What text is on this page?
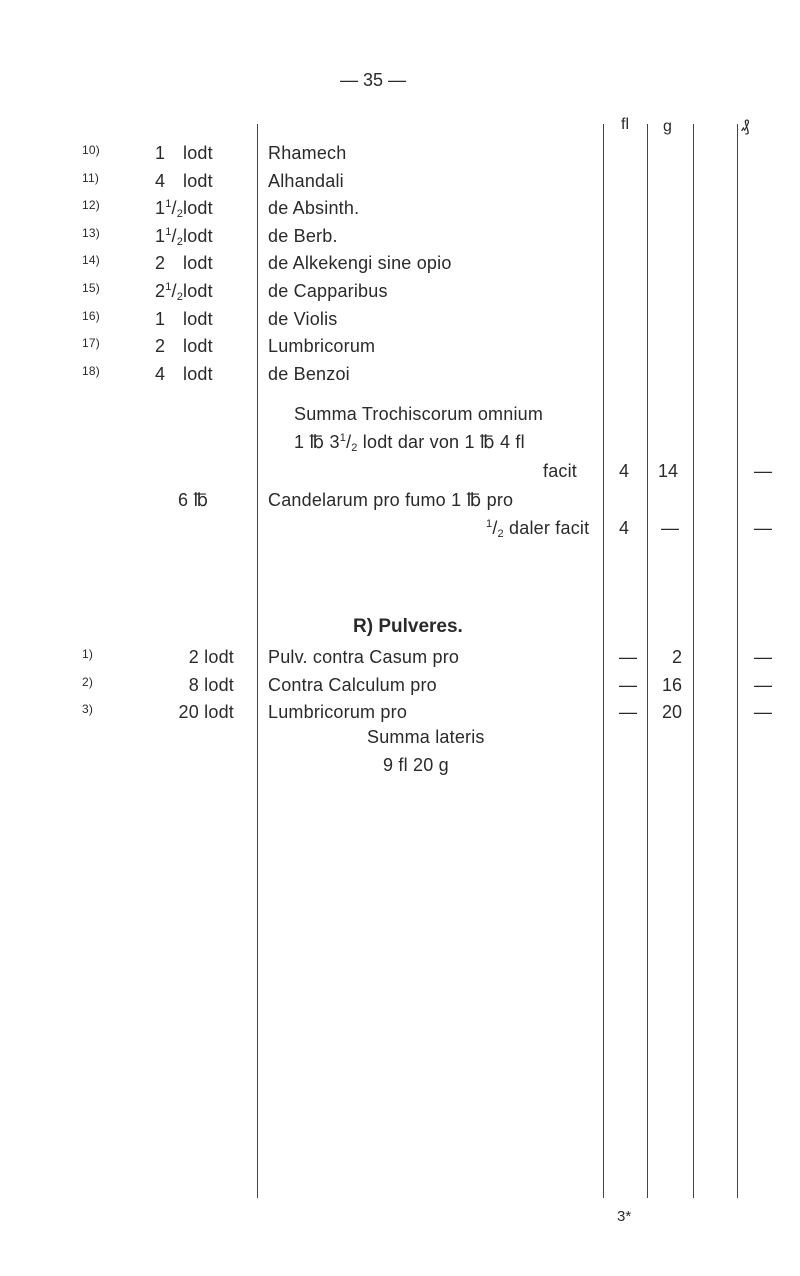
— 35 —
fl g	₰
$^{10)}$	1 lodt	Rhamech
$^{11)}$	4 lodt	Alhandali
$^{12)}$	$1^1/_2$ lodt	de Absinth.
$^{13)}$	$1^1/_2$ lodt	de Berb.
$^{14)}$	2 lodt	de Alkekengi sine opio
$^{15)}$	$2^1/_2$ lodt	de Capparibus
$^{16)}$	1 lodt	de Violis
$^{17)}$	2 lodt	Lumbricorum
$^{18)}$	4 lodt	de Benzoi
Summa Trochiscorum omnium
1 ℔ $3^1/_2$ lodt dar von 1 ℔ 4 fl
facit 4 14	—
6 ℔	Candelarum pro fumo 1 ℔ pro
$^1/_2$ daler facit 4 —	—
R) Pulveres.
$^{1)}$	2 lodt Pulv. contra Casum pro	— 2	—
$^{2)}$	8 lodt Contra Calculum pro	— 16	—
$^{3)}$	20 lodt Lumbricorum pro	— 20	—
Summa lateris
9 fl 20 g
3*
